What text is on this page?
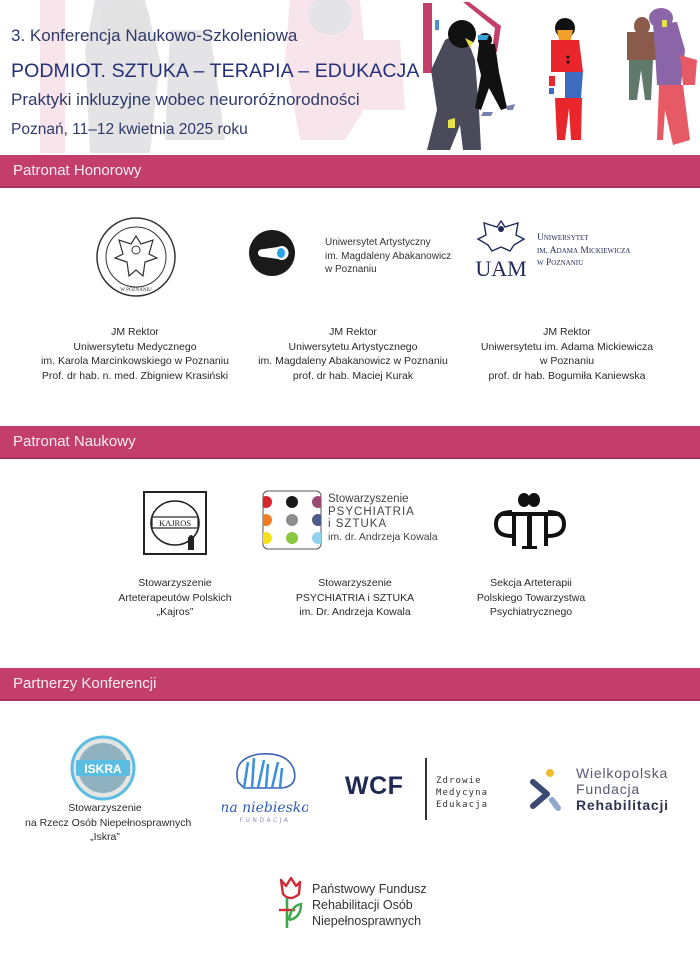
3. Konferencja Naukowo-Szkoleniowa
PODMIOT. SZTUKA – TERAPIA – EDUKACJA
Praktyki inkluzyjne wobec neuroróżnorodności
Poznań, 11–12 kwietnia 2025 roku
Patronat Honorowy
W POZNANIU
Uniwersytet Artystyczny
im. Magdaleny Abakanowicz
w Poznaniu	UAM
Uniwersytet
im. Adama Mickiewicza
w Poznaniu
JM Rektor
Uniwersytetu Medycznego
im. Karola Marcinkowskiego w Poznaniu
Prof. dr hab. n. med. Zbigniew Krasiński
JM Rektor
Uniwersytetu Artystycznego
im. Magdaleny Abakanowicz w Poznaniu
prof. dr hab. Maciej Kurak
JM Rektor
Uniwersytetu im. Adama Mickiewicza
w Poznaniu
prof. dr hab. Bogumiła Kaniewska
Patronat Naukowy
KAJROS
Stowarzyszenie
PSYCHIATRIA
i SZTUKA
im. dr. Andrzeja Kowala
Stowarzyszenie
Arteterapeutów Polskich
„Kajros”
Stowarzyszenie
PSYCHIATRIA i SZTUKA
im. Dr. Andrzeja Kowala
Sekcja Arteterapii
Polskiego Towarzystwa
Psychiatrycznego
Partnerzy Konferencji
ISKRA
Stowarzyszenie
na Rzecz Osób Niepełnosprawnych
„Iskra”
na niebiesko
FUNDACJA
WCF	Zdrowie
Medycyna
Edukacja
Wielkopolska
Fundacja
Rehabilitacji
Państwowy Fundusz
Rehabilitacji Osób
Niepełnosprawnych
